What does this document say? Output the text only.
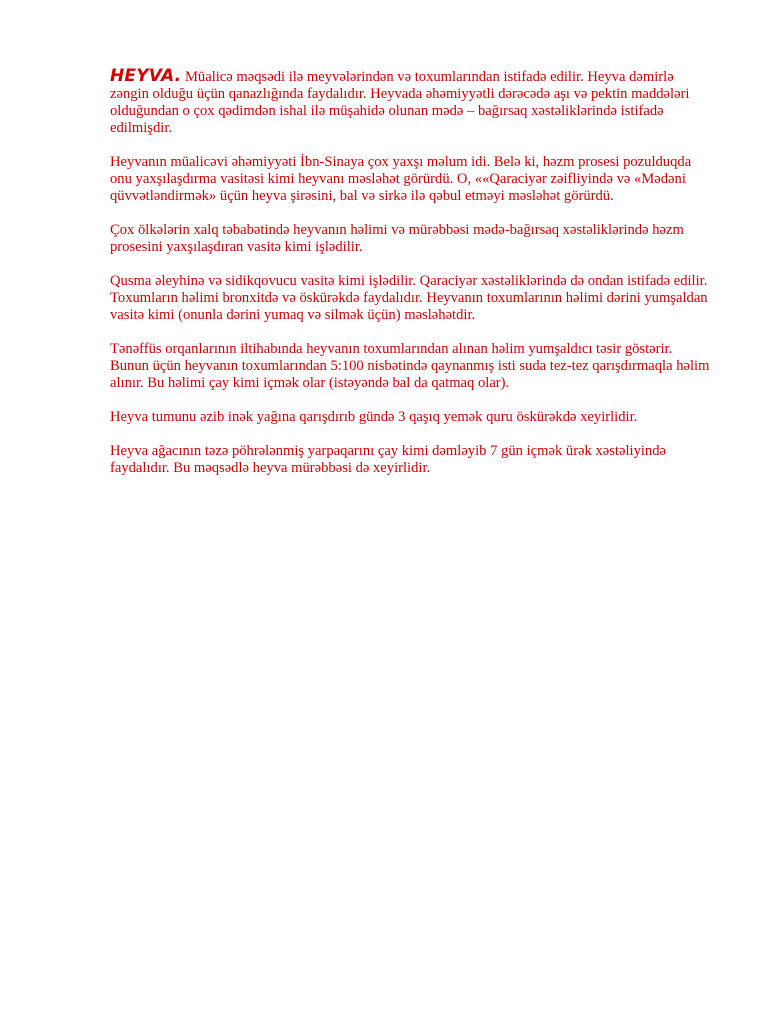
HEYVA. Müalicə məqsədi ilə meyvələrindən və toxumlarından istifadə edilir. Heyva dəmirlə zəngin olduğu üçün qanazlığında faydalıdır. Heyvada əhəmiyyətli dərəcədə aşı və pektin maddələri olduğundan o çox qədimdən ishal ilə müşahidə olunan mədə – bağırsaq xəstəliklərində istifadə edilmişdir.

Heyvanın müalicəvi əhəmiyyəti İbn-Sinaya çox yaxşı məlum idi. Belə ki, həzm prosesi pozulduqda onu yaxşılaşdırma vasitəsi kimi heyvanı məsləhət görürdü. O, ««Qaraciyər zəifliyində və «Mədəni qüvvətləndirmək» üçün heyva şirəsini, bal və sirkə ilə qəbul etməyi məsləhət görürdü.

Çox ölkələrin xalq təbabətində heyvanın həlimi və mürəbbəsi mədə-bağırsaq xəstəliklərində həzm prosesini yaxşılaşdıran vasitə kimi işlədilir.

Qusma əleyhinə və sidikqovucu vasitə kimi işlədilir. Qaraciyər xəstəliklərində də ondan istifadə edilir. Toxumların həlimi bronxitdə və öskürəkdə faydalıdır. Heyvanın toxumlarının həlimi dərini yumşaldan vasitə kimi (onunla dərini yumaq və silmək üçün) məsləhətdir.

Tənəffüs orqanlarının iltihabında heyvanın toxumlarından alınan həlim yumşaldıcı təsir göstərir. Bunun üçün heyvanın toxumlarından 5:100 nisbətində qaynanmış isti suda tez-tez qarışdırmaqla həlim alınır. Bu həlimi çay kimi içmək olar (istəyəndə bal da qatmaq olar).

Heyva tumunu əzib inək yağına qarışdırıb gündə 3 qaşıq yemək quru öskürəkdə xeyirlidir.

Heyva ağacının təzə pöhrələnmiş yarpaqarını çay kimi dəmləyib 7 gün içmək ürək xəstəliyində faydalıdır. Bu məqsədlə heyva mürəbbəsi də xeyirlidir.
